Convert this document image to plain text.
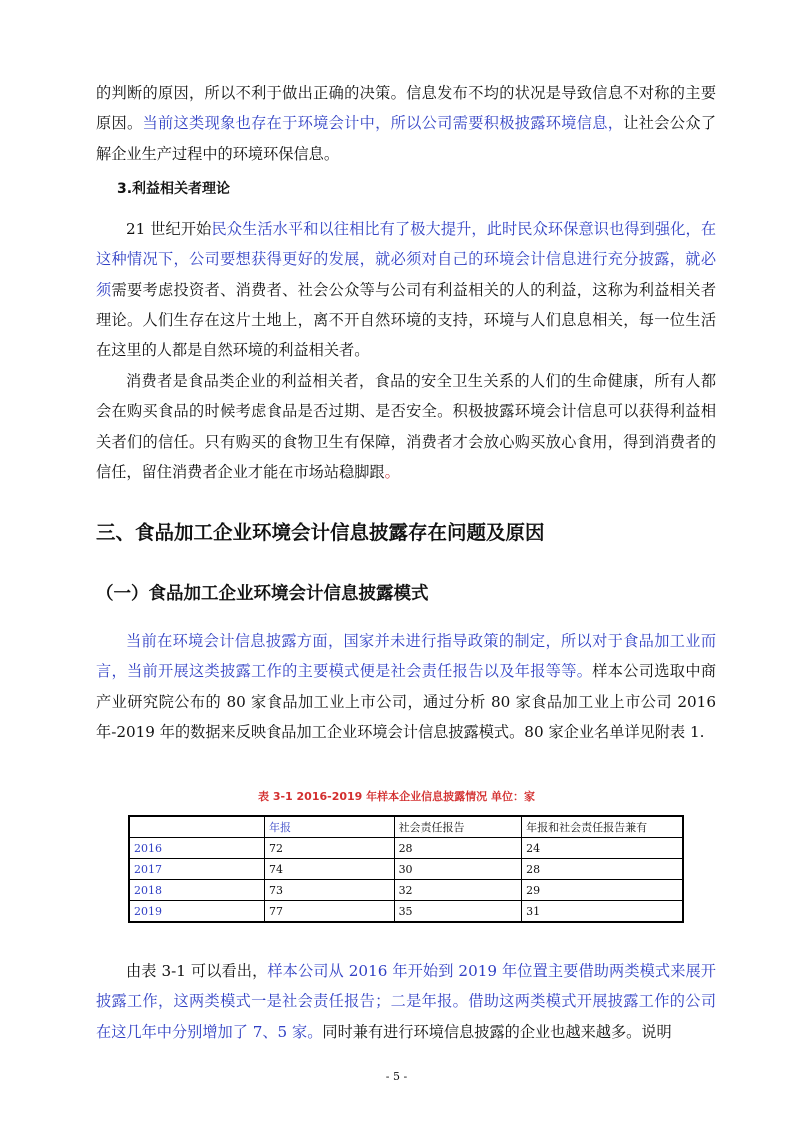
的判断的原因，所以不利于做出正确的决策。信息发布不均的状况是导致信息不对称的主要原因。当前这类现象也存在于环境会计中，所以公司需要积极披露环境信息，让社会公众了解企业生产过程中的环境环保信息。

3.利益相关者理论

21 世纪开始民众生活水平和以往相比有了极大提升，此时民众环保意识也得到强化，在这种情况下，公司要想获得更好的发展，就必须对自己的环境会计信息进行充分披露，就必须需要考虑投资者、消费者、社会公众等与公司有利益相关的人的利益，这称为利益相关者理论。人们生存在这片土地上，离不开自然环境的支持，环境与人们息息相关，每一位生活在这里的人都是自然环境的利益相关者。

消费者是食品类企业的利益相关者，食品的安全卫生关系的人们的生命健康，所有人都会在购买食品的时候考虑食品是否过期、是否安全。积极披露环境会计信息可以获得利益相关者们的信任。只有购买的食物卫生有保障，消费者才会放心购买放心食用，得到消费者的信任，留住消费者企业才能在市场站稳脚跟。

三、食品加工企业环境会计信息披露存在问题及原因
（一）食品加工企业环境会计信息披露模式

当前在环境会计信息披露方面，国家并未进行指导政策的制定，所以对于食品加工业而言，当前开展这类披露工作的主要模式便是社会责任报告以及年报等等。样本公司选取中商产业研究院公布的 80 家食品加工业上市公司，通过分析 80 家食品加工业上市公司 2016 年-2019 年的数据来反映食品加工企业环境会计信息披露模式。80 家企业名单详见附表 1.

表 3-1 2016-2019 年样本企业信息披露情况 单位：家
	年报	社会责任报告	年报和社会责任报告兼有
2016	72	28	24
2017	74	30	28
2018	73	32	29
2019	77	35	31

由表 3-1 可以看出，样本公司从 2016 年开始到 2019 年位置主要借助两类模式来展开披露工作，这两类模式一是社会责任报告；二是年报。借助这两类模式开展披露工作的公司在这几年中分别增加了 7、5 家。同时兼有进行环境信息披露的企业也越来越多。说明

- 5 -
